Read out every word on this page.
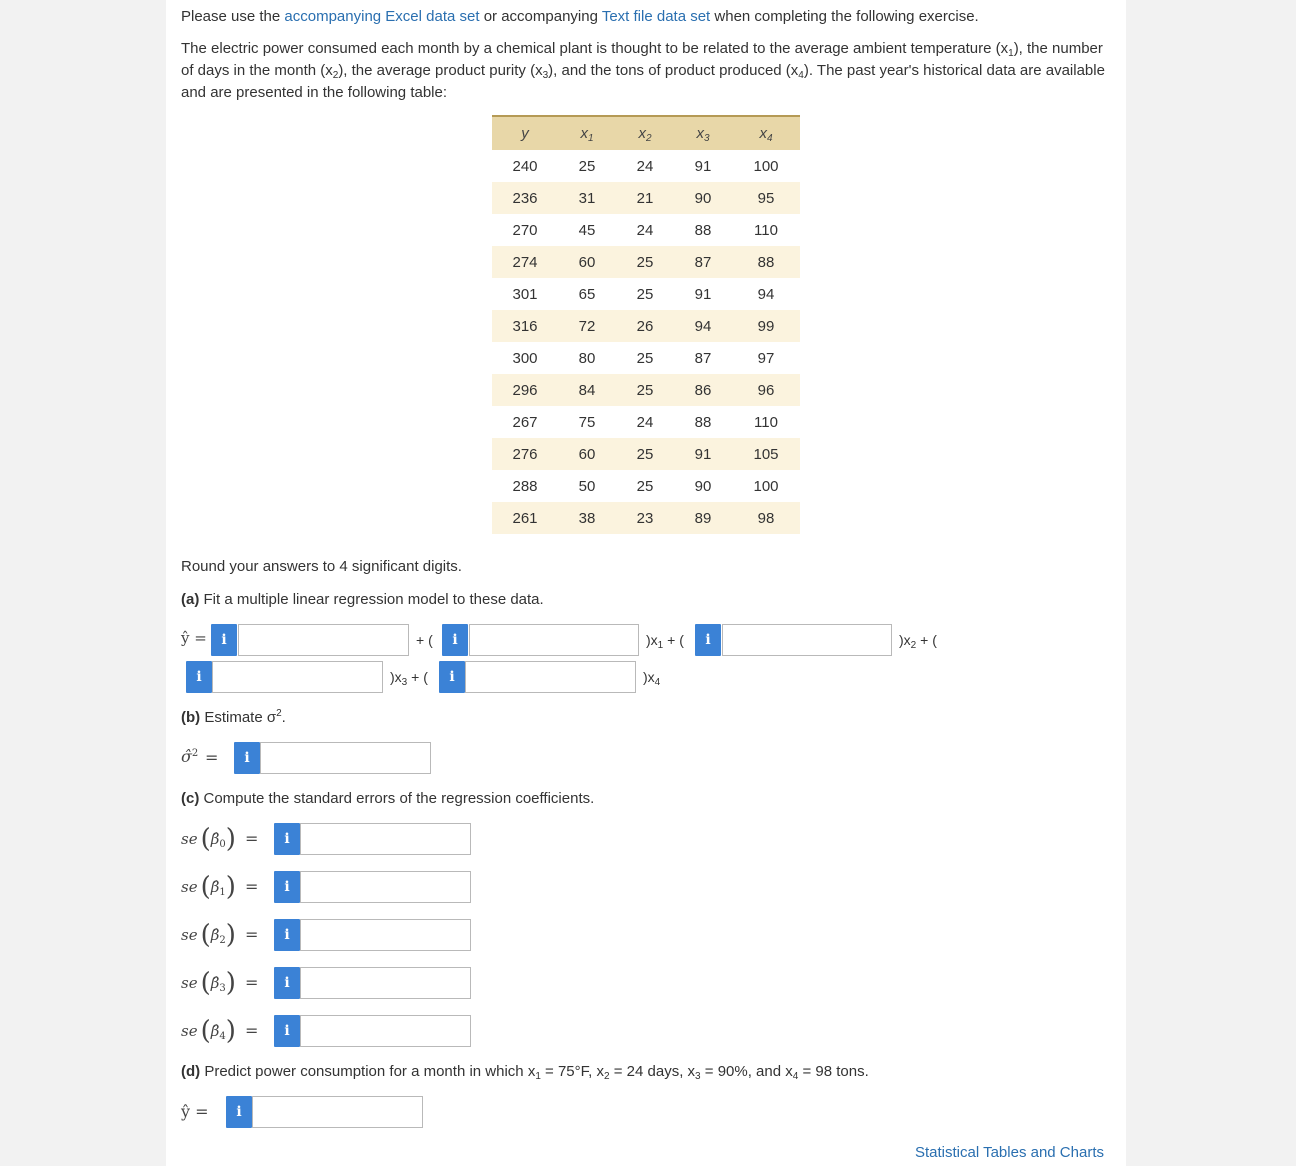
Please use the accompanying Excel data set or accompanying Text file data set when completing the following exercise.
The electric power consumed each month by a chemical plant is thought to be related to the average ambient temperature $(x_1)$, the number of days in the month $(x_2)$, the average product purity $(x_3)$, and the tons of product produced $(x_4)$. The past year's historical data are available and are presented in the following table:
y	$x_1$	$x_2$	$x_3$	$x_4$
240	25	24	91	100
236	31	21	90	95
270	45	24	88	110
274	60	25	87	88
301	65	25	91	94
316	72	26	94	99
300	80	25	87	97
296	84	25	86	96
267	75	24	88	110
276	60	25	91	105
288	50	25	90	100
261	38	23	89	98
Round your answers to 4 significant digits.
(a) Fit a multiple linear regression model to these data.
ŷ =	i	+ (	i	)$x_1$ + (	i	)$x_2$ + (
i	)$x_3$ + (	i	)$x_4$
(b) Estimate $\sigma^2$.
σ̂$^2$ =	i
(c) Compute the standard errors of the regression coefficients.
se $(\betâ_0)$ =	i
se $(\betâ_1)$ =	i
se $(\betâ_2)$ =	i
se $(\betâ_3)$ =	i
se $(\betâ_4)$ =	i
(d) Predict power consumption for a month in which $x_1 = 75^\circ F$, $x_2 = 24$ days, $x_3 = 90\%$, and $x_4 = 98$ tons.
ŷ =	i
Statistical Tables and Charts
